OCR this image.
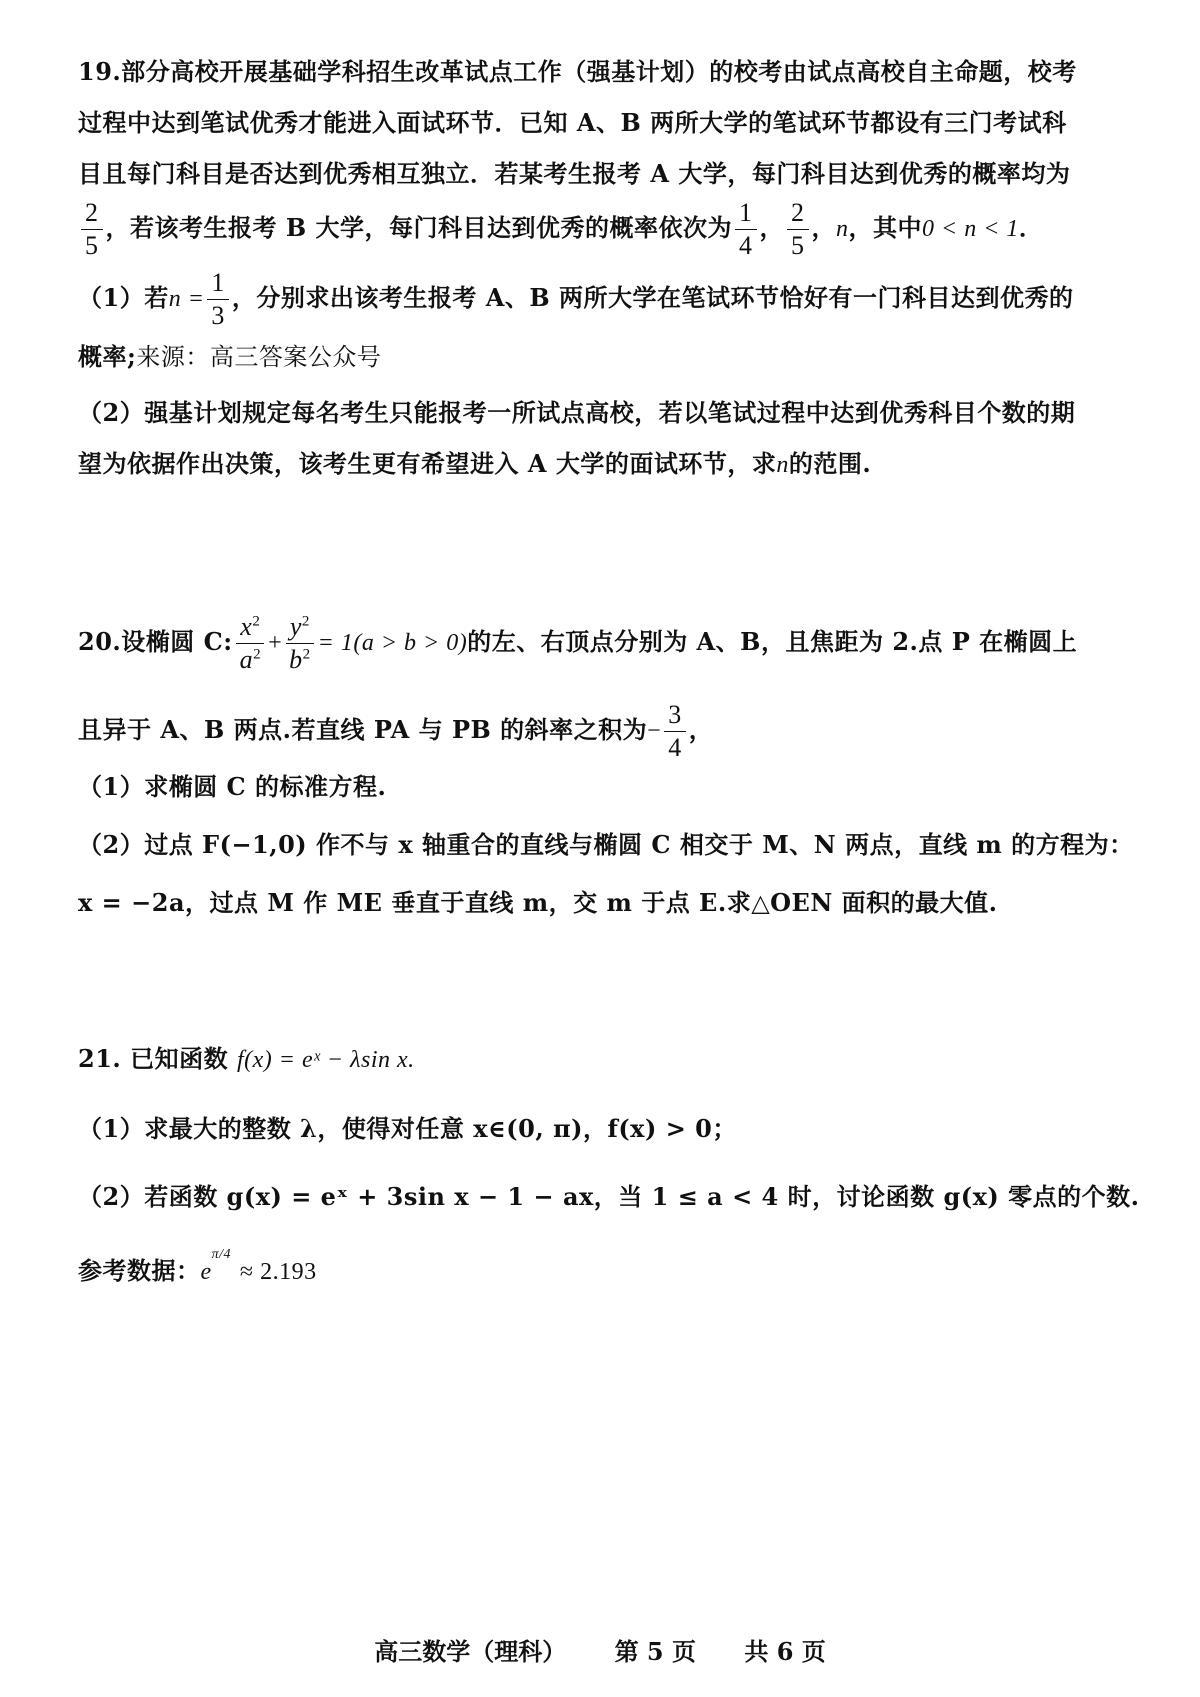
19.部分高校开展基础学科招生改革试点工作（强基计划）的校考由试点高校自主命题，校考
过程中达到笔试优秀才能进入面试环节．已知 A、B 两所大学的笔试环节都设有三门考试科
目且每门科目是否达到优秀相互独立．若某考生报考 A 大学，每门科目达到优秀的概率均为
$\frac{2}{5}$ ，若该考生报考 B 大学，每门科目达到优秀的概率依次为 $\frac{1}{4}$ ， $\frac{2}{5}$ ，n，其中0 < n < 1．
（1）若$n = \frac{1}{3}$ ，分别求出该考生报考 A、B 两所大学在笔试环节恰好有一门科目达到优秀的
概率;来源：高三答案公众号
（2）强基计划规定每名考生只能报考一所试点高校，若以笔试过程中达到优秀科目个数的期
望为依据作出决策，该考生更有希望进入 A 大学的面试环节，求n的范围.
20.设椭圆 C: $\frac{x^2}{a^2} + \frac{y^2}{b^2} = 1(a > b > 0)$的左、右顶点分别为 A、B，且焦距为 2.点 P 在椭圆上
且异于 A、B 两点.若直线 PA 与 PB 的斜率之积为− $\frac{3}{4}$ ，
（1）求椭圆 C 的标准方程.
（2）过点 F(−1,0) 作不与 x 轴重合的直线与椭圆 C 相交于 M、N 两点，直线 m 的方程为：
x = −2a，过点 M 作 ME 垂直于直线 m，交 m 于点 E.求△OEN 面积的最大值.
21. 已知函数 f(x) = eˣ − λsin x.
（1）求最大的整数 λ，使得对任意 x∈(0, π)，f(x) > 0；
（2）若函数 g(x) = eˣ + 3sin x − 1 − ax，当 1 ≤ a < 4 时，讨论函数 g(x) 零点的个数.
参考数据：$e^{\pi/4} \approx 2.193$
高三数学（理科） 第 5 页 共 6 页
